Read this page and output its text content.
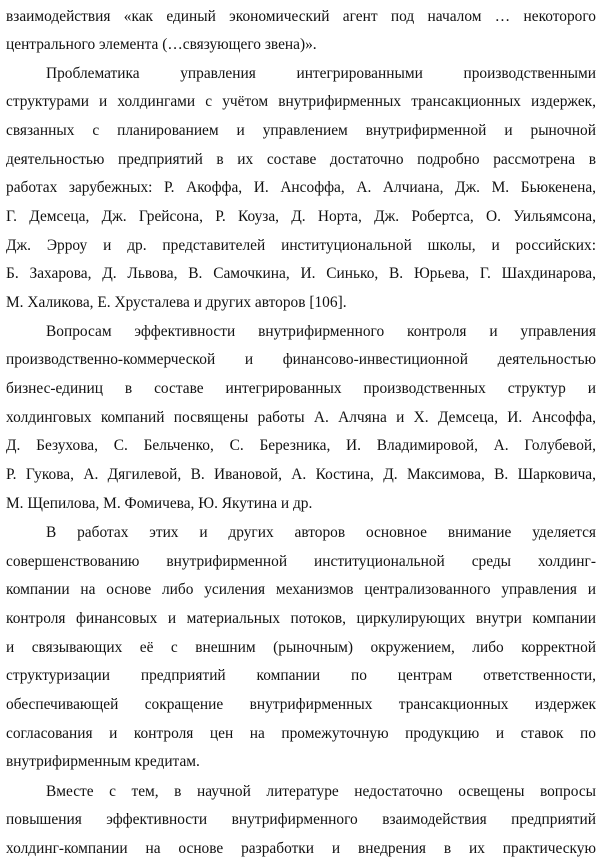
взаимодействия «как единый экономический агент под началом … некоторого
центрального элемента (…связующего звена)».
Проблематика управления интегрированными производственными
структурами и холдингами с учётом внутрифирменных трансакционных издержек,
связанных с планированием и управлением внутрифирменной и рыночной
деятельностью предприятий в их составе достаточно подробно рассмотрена в
работах зарубежных: Р. Акоффа, И. Ансоффа, А. Алчиана, Дж. М. Бьюкенена,
Г. Демсеца, Дж. Грейсона, Р. Коуза, Д. Норта, Дж. Робертса, О. Уильямсона,
Дж. Эрроу и др. представителей институциональной школы, и российских:
Б. Захарова, Д. Львова, В. Самочкина, И. Синько, В. Юрьева, Г. Шахдинарова,
М. Халикова, Е. Хрусталева и других авторов [106].
Вопросам эффективности внутрифирменного контроля и управления
производственно-коммерческой и финансово-инвестиционной деятельностью
бизнес-единиц в составе интегрированных производственных структур и
холдинговых компаний посвящены работы А. Алчяна и Х. Демсеца, И. Ансоффа,
Д. Безухова, С. Бельченко, С. Березника, И. Владимировой, А. Голубевой,
Р. Гукова, А. Дягилевой, В. Ивановой, А. Костина, Д. Максимова, В. Шарковича,
М. Щепилова, М. Фомичева, Ю. Якутина и др.
В работах этих и других авторов основное внимание уделяется
совершенствованию внутрифирменной институциональной среды холдинг-
компании на основе либо усиления механизмов централизованного управления и
контроля финансовых и материальных потоков, циркулирующих внутри компании
и связывающих её с внешним (рыночным) окружением, либо корректной
структуризации предприятий компании по центрам ответственности,
обеспечивающей сокращение внутрифирменных трансакционных издержек
согласования и контроля цен на промежуточную продукцию и ставок по
внутрифирменным кредитам.
Вместе с тем, в научной литературе недостаточно освещены вопросы
повышения эффективности внутрифирменного взаимодействия предприятий
холдинг-компании на основе разработки и внедрения в их практическую
